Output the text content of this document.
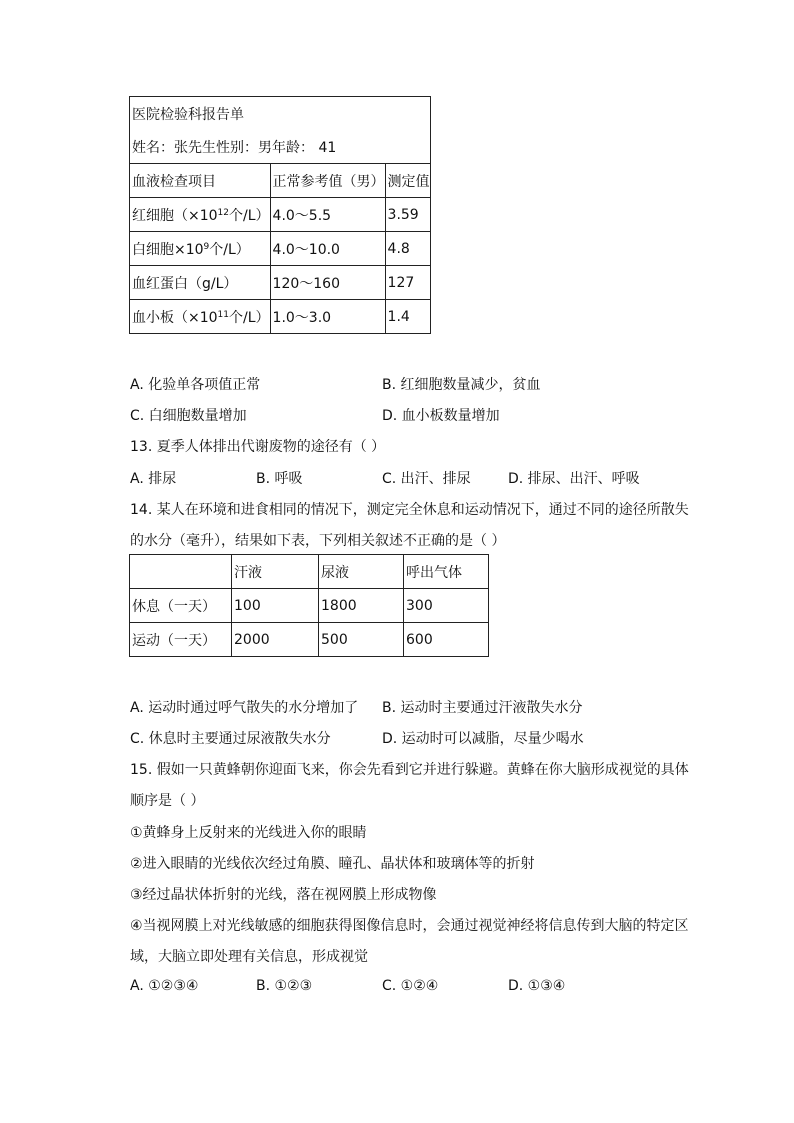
医院检验科报告单		
姓名：张先生性别：男年龄： 41		
血液检查项目	正常参考值（男）	测定值
红细胞（$\times 10^{12}$个/L）	4.0～5.5	3.59
白细胞$\times 10^9$个/L）	4.0～10.0	4.8
血红蛋白（g/L）	120～160	127
血小板（$\times 10^{11}$个/L）	1.0～3.0	1.4
A. 化验单各项值正常	B. 红细胞数量减少，贫血
C. 白细胞数量增加	D. 血小板数量增加
13. 夏季人体排出代谢废物的途径有（ ）
A. 排尿	B. 呼吸	C. 出汗、排尿	D. 排尿、出汗、呼吸
14. 某人在环境和进食相同的情况下，测定完全休息和运动情况下，通过不同的途径所散失
的水分（毫升），结果如下表，下列相关叙述不正确的是（ ）
	汗液	尿液	呼出气体
休息（一天）	100	1800	300
运动（一天）	2000	500	600
A. 运动时通过呼气散失的水分增加了 B. 运动时主要通过汗液散失水分
C. 休息时主要通过尿液散失水分	D. 运动时可以减脂，尽量少喝水
15. 假如一只黄蜂朝你迎面飞来，你会先看到它并进行躲避。黄蜂在你大脑形成视觉的具体
顺序是（ ）
①黄蜂身上反射来的光线进入你的眼睛
②进入眼睛的光线依次经过角膜、瞳孔、晶状体和玻璃体等的折射
③经过晶状体折射的光线，落在视网膜上形成物像
④当视网膜上对光线敏感的细胞获得图像信息时，会通过视觉神经将信息传到大脑的特定区
域，大脑立即处理有关信息，形成视觉
A. ①②③④	B. ①②③	C. ①②④	D. ①③④
